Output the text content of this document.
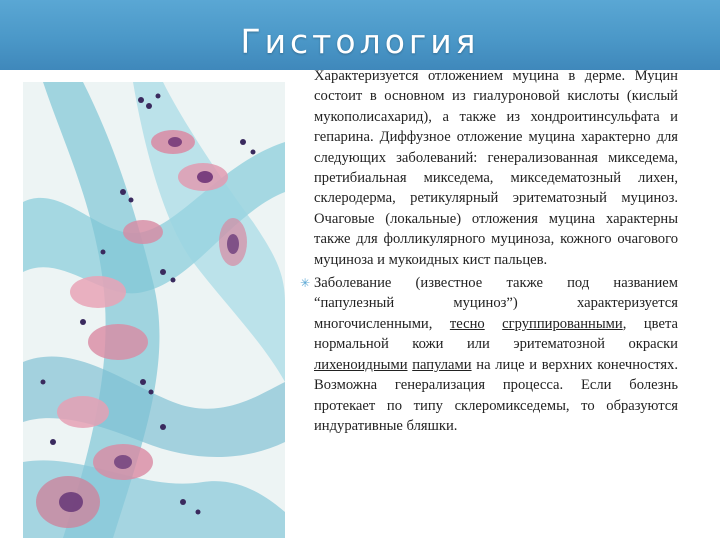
Гистология

Характеризуется отложением муцина в дерме. Муцин состоит в основном из гиалуроновой кислоты (кислый мукополисахарид), а также из хондроитинсульфата и гепарина. Диффузное отложение муцина характерно для следующих заболеваний: генерализованная микседема, претибиальная микседема, микседематозный лихен, склеродерма, ретикулярный эритематозный муциноз. Очаговые (локальные) отложения муцина характерны также для фолликулярного муциноза, кожного очагового муциноза и мукоидных кист пальцев.

✳ Заболевание (известное также под названием “папулезный муциноз”) характеризуется многочисленными, тесно сгруппированными, цвета нормальной кожи или эритематозной окраски лихеноидными папулами на лице и верхних конечностях. Возможна генерализация процесса. Если болезнь протекает по типу склеромикседемы, то образуются индуративные бляшки.
